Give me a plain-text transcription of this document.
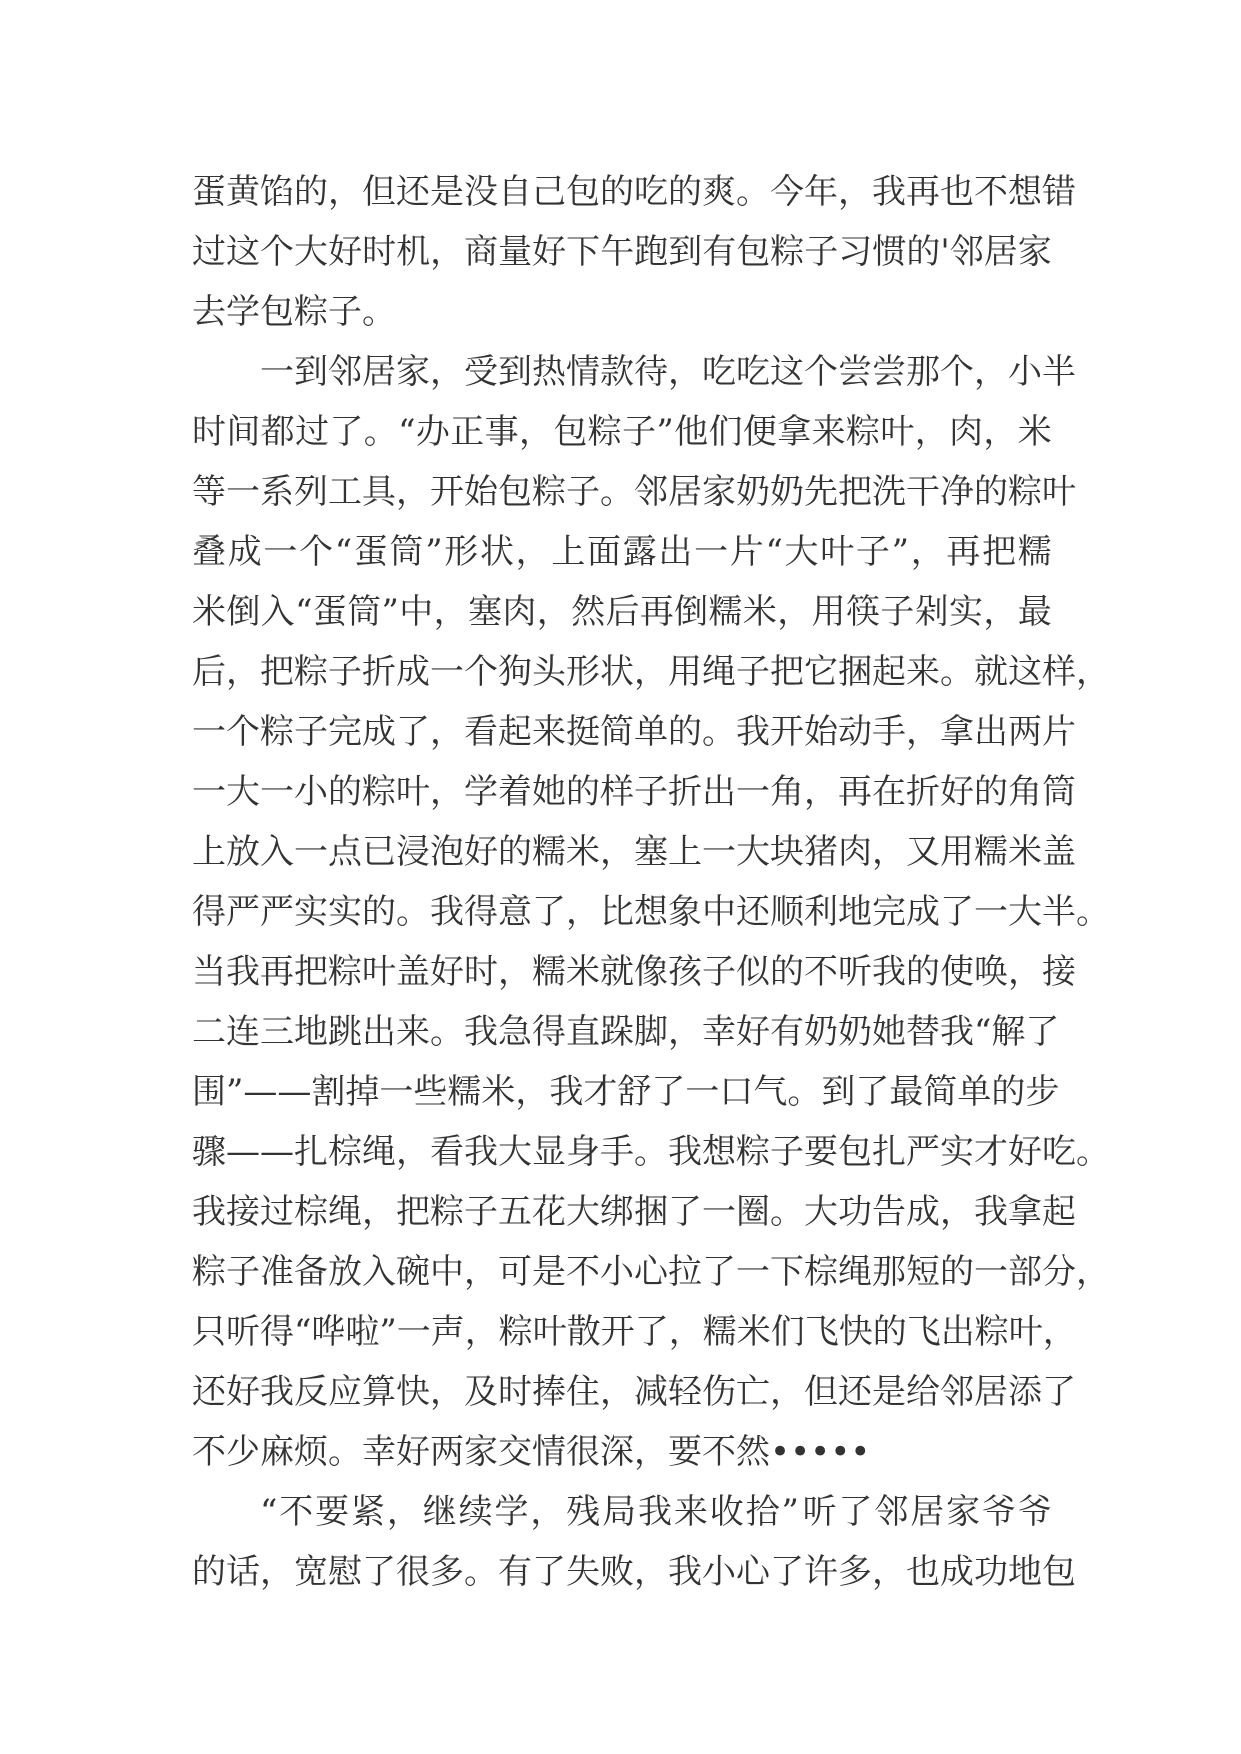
蛋 黄 馅 的 ， 但 还 是 没 自 己 包 的 吃 的 爽 。 今 年 ， 我 再 也 不 想 错
过 这 个 大 好 时 机 ， 商 量 好 下 午 跑 到 有 包 粽 子 习 惯 的 ' 邻 居 家
去 学 包 粽 子 。
一 到 邻 居 家 ， 受 到 热 情 款 待 ， 吃 吃 这 个 尝 尝 那 个 ， 小 半
时 间 都 过 了 。 “ 办 正 事 ， 包 粽 子 ” 他 们 便 拿 来 粽 叶 ， 肉 ， 米
等 一 系 列 工 具 ， 开 始 包 粽 子 。 邻 居 家 奶 奶 先 把 洗 干 净 的 粽 叶
叠 成 一 个 “ 蛋 筒 ” 形 状 ， 上 面 露 出 一 片 “ 大 叶 子 ” ， 再 把 糯
米 倒 入 “ 蛋 筒 ” 中 ， 塞 肉 ， 然 后 再 倒 糯 米 ， 用 筷 子 剁 实 ， 最
后 ， 把 粽 子 折 成 一 个 狗 头 形 状 ， 用 绳 子 把 它 捆 起 来 。 就 这 样 ，
一 个 粽 子 完 成 了 ， 看 起 来 挺 简 单 的 。 我 开 始 动 手 ， 拿 出 两 片
一 大 一 小 的 粽 叶 ， 学 着 她 的 样 子 折 出 一 角 ， 再 在 折 好 的 角 筒
上 放 入 一 点 已 浸 泡 好 的 糯 米 ， 塞 上 一 大 块 猪 肉 ， 又 用 糯 米 盖
得 严 严 实 实 的 。 我 得 意 了 ， 比 想 象 中 还 顺 利 地 完 成 了 一 大 半 。
当 我 再 把 粽 叶 盖 好 时 ， 糯 米 就 像 孩 子 似 的 不 听 我 的 使 唤 ， 接
二 连 三 地 跳 出 来 。 我 急 得 直 跺 脚 ， 幸 好 有 奶 奶 她 替 我 “ 解 了
围 ” — — 割 掉 一 些 糯 米 ， 我 才 舒 了 一 口 气 。 到 了 最 简 单 的 步
骤 — — 扎 棕 绳 ， 看 我 大 显 身 手 。 我 想 粽 子 要 包 扎 严 实 才 好 吃 。
我 接 过 棕 绳 ， 把 粽 子 五 花 大 绑 捆 了 一 圈 。 大 功 告 成 ， 我 拿 起
粽 子 准 备 放 入 碗 中 ， 可 是 不 小 心 拉 了 一 下 棕 绳 那 短 的 一 部 分 ，
只 听 得 “ 哗 啦 ” 一 声 ， 粽 叶 散 开 了 ， 糯 米 们 飞 快 的 飞 出 粽 叶 ，
还 好 我 反 应 算 快 ， 及 时 捧 住 ， 减 轻 伤 亡 ， 但 还 是 给 邻 居 添 了
不 少 麻 烦 。 幸 好 两 家 交 情 很 深 ， 要 不 然 • • • • •
“ 不 要 紧 ， 继 续 学 ， 残 局 我 来 收 拾 ” 听 了 邻 居 家 爷 爷
的 话 ， 宽 慰 了 很 多 。 有 了 失 败 ， 我 小 心 了 许 多 ， 也 成 功 地 包
